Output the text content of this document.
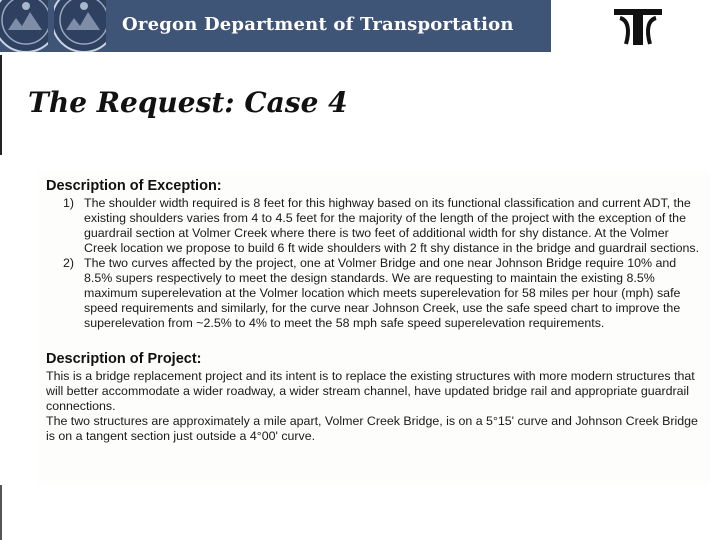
Oregon Department of Transportation
The Request: Case 4
Description of Exception:
1) The shoulder width required is 8 feet for this highway based on its functional classification and current ADT, the existing shoulders varies from 4 to 4.5 feet for the majority of the length of the project with the exception of the guardrail section at Volmer Creek where there is two feet of additional width for shy distance. At the Volmer Creek location we propose to build 6 ft wide shoulders with 2 ft shy distance in the bridge and guardrail sections.
2) The two curves affected by the project, one at Volmer Bridge and one near Johnson Bridge require 10% and 8.5% supers respectively to meet the design standards. We are requesting to maintain the existing 8.5% maximum superelevation at the Volmer location which meets superelevation for 58 miles per hour (mph) safe speed requirements and similarly, for the curve near Johnson Creek, use the safe speed chart to improve the superelevation from ~2.5% to 4% to meet the 58 mph safe speed superelevation requirements.
Description of Project:
This is a bridge replacement project and its intent is to replace the existing structures with more modern structures that will better accommodate a wider roadway, a wider stream channel, have updated bridge rail and appropriate guardrail connections.
The two structures are approximately a mile apart, Volmer Creek Bridge, is on a 5°15' curve and Johnson Creek Bridge is on a tangent section just outside a 4°00' curve.
